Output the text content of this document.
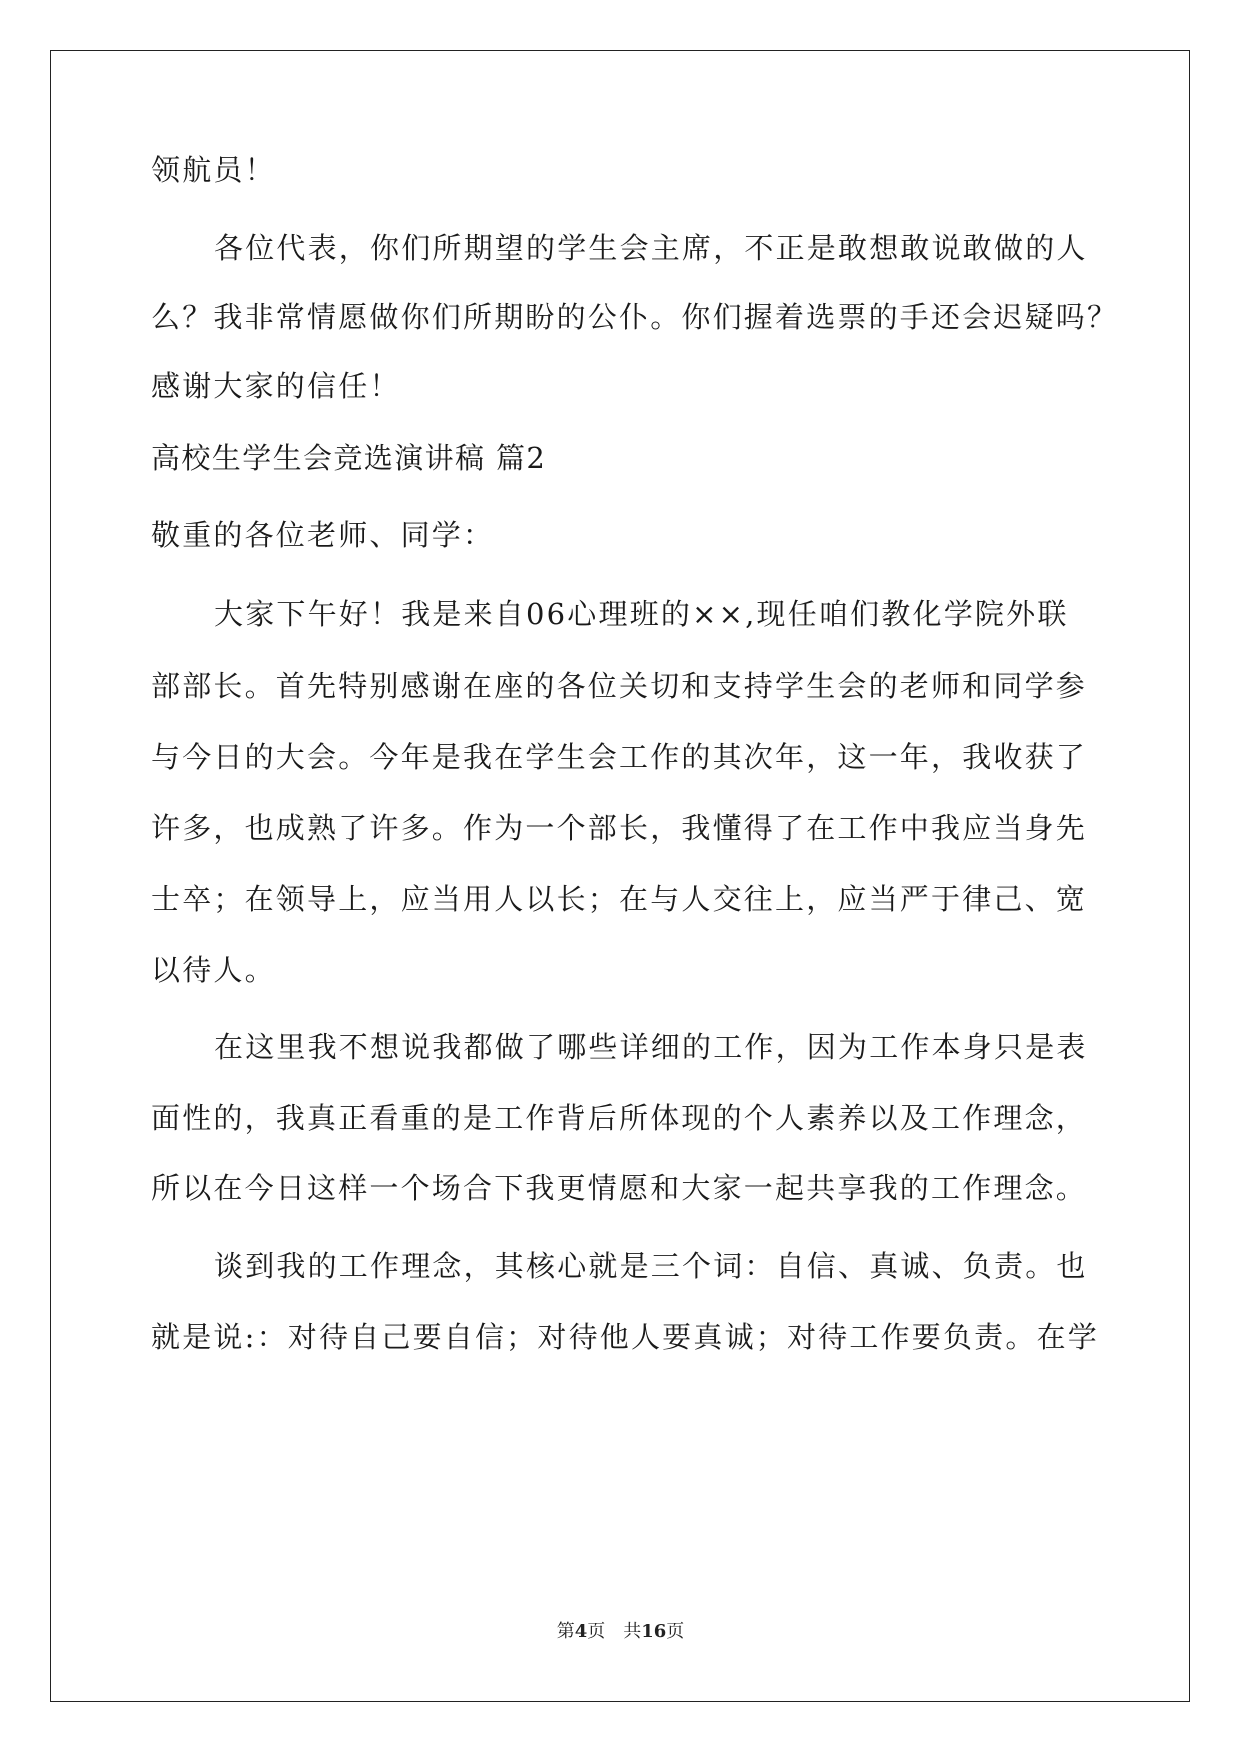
领航员！
各位代表，你们所期望的学生会主席，不正是敢想敢说敢做的人
么？我非常情愿做你们所期盼的公仆。你们握着选票的手还会迟疑吗？
感谢大家的信任！
高校生学生会竞选演讲稿 篇2
敬重的各位老师、同学：
大家下午好！我是来自06心理班的××,现任咱们教化学院外联
部部长。首先特别感谢在座的各位关切和支持学生会的老师和同学参
与今日的大会。今年是我在学生会工作的其次年，这一年，我收获了
许多，也成熟了许多。作为一个部长，我懂得了在工作中我应当身先
士卒；在领导上，应当用人以长；在与人交往上，应当严于律己、宽
以待人。
在这里我不想说我都做了哪些详细的工作，因为工作本身只是表
面性的，我真正看重的是工作背后所体现的个人素养以及工作理念，
所以在今日这样一个场合下我更情愿和大家一起共享我的工作理念。
谈到我的工作理念，其核心就是三个词：自信、真诚、负责。也
就是说:：对待自己要自信；对待他人要真诚；对待工作要负责。在学
第4页 共16页
